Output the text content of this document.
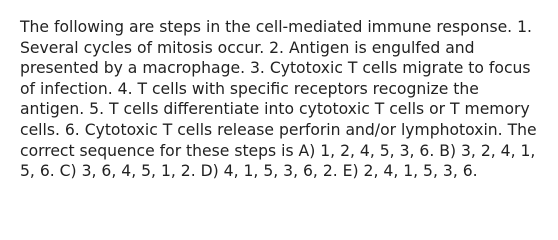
The following are steps in the cell-mediated immune response. 1. Several cycles of mitosis occur. 2. Antigen is engulfed and presented by a macrophage. 3. Cytotoxic T cells migrate to focus of infection. 4. T cells with specific receptors recognize the antigen. 5. T cells differentiate into cytotoxic T cells or T memory cells. 6. Cytotoxic T cells release perforin and/or lymphotoxin. The correct sequence for these steps is A) 1, 2, 4, 5, 3, 6. B) 3, 2, 4, 1, 5, 6. C) 3, 6, 4, 5, 1, 2. D) 4, 1, 5, 3, 6, 2. E) 2, 4, 1, 5, 3, 6.
